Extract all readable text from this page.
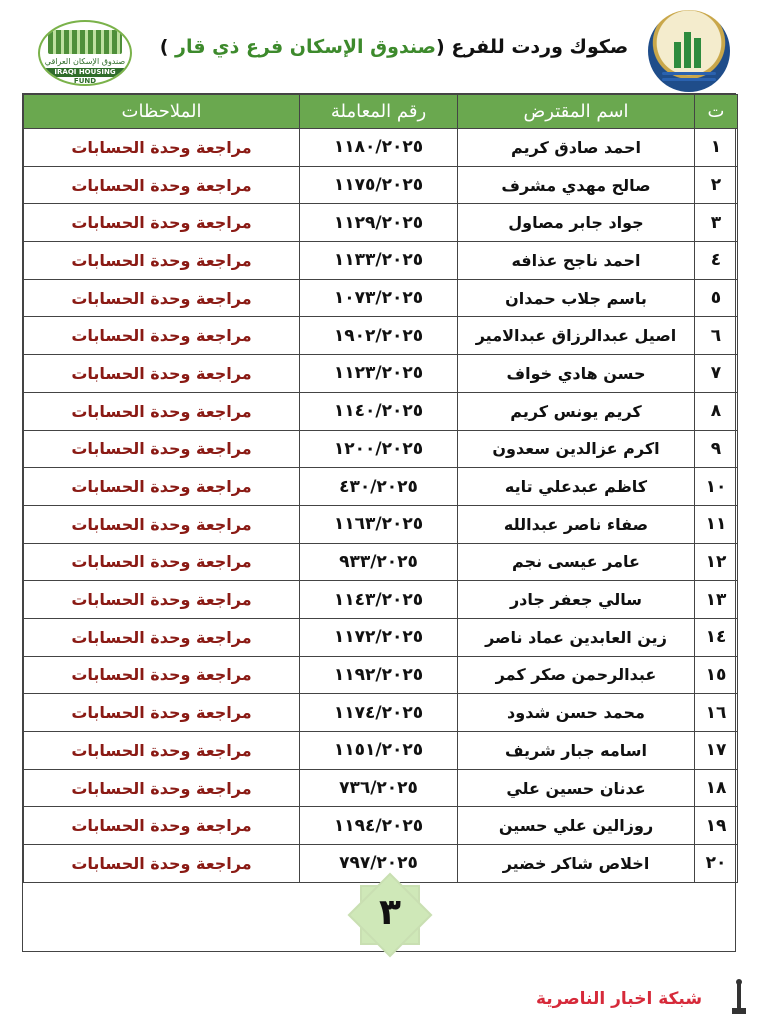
صكوك وردت للفرع (صندوق الإسكان فرع ذي قار )
صندوق الإسكان العراقي
IRAQI HOUSING
FUND
ت	اسم المقترض	رقم المعاملة	الملاحظات
١	احمد صادق كريم	١١٨٠/٢٠٢٥	مراجعة وحدة الحسابات
٢	صالح مهدي مشرف	١١٧٥/٢٠٢٥	مراجعة وحدة الحسابات
٣	جواد جابر مصاول	١١٢٩/٢٠٢٥	مراجعة وحدة الحسابات
٤	احمد ناجح عذافه	١١٣٣/٢٠٢٥	مراجعة وحدة الحسابات
٥	باسم جلاب حمدان	١٠٧٣/٢٠٢٥	مراجعة وحدة الحسابات
٦	اصيل عبدالرزاق عبدالامير	١٩٠٢/٢٠٢٥	مراجعة وحدة الحسابات
٧	حسن هادي خواف	١١٢٣/٢٠٢٥	مراجعة وحدة الحسابات
٨	كريم يونس كريم	١١٤٠/٢٠٢٥	مراجعة وحدة الحسابات
٩	اكرم عزالدين سعدون	١٢٠٠/٢٠٢٥	مراجعة وحدة الحسابات
١٠	كاظم عبدعلي تايه	٤٣٠/٢٠٢٥	مراجعة وحدة الحسابات
١١	صفاء ناصر عبدالله	١١٦٣/٢٠٢٥	مراجعة وحدة الحسابات
١٢	عامر عيسى نجم	٩٣٣/٢٠٢٥	مراجعة وحدة الحسابات
١٣	سالي جعفر جادر	١١٤٣/٢٠٢٥	مراجعة وحدة الحسابات
١٤	زين العابدين عماد ناصر	١١٧٢/٢٠٢٥	مراجعة وحدة الحسابات
١٥	عبدالرحمن صكر كمر	١١٩٢/٢٠٢٥	مراجعة وحدة الحسابات
١٦	محمد حسن شدود	١١٧٤/٢٠٢٥	مراجعة وحدة الحسابات
١٧	اسامه جبار شريف	١١٥١/٢٠٢٥	مراجعة وحدة الحسابات
١٨	عدنان حسين علي	٧٣٦/٢٠٢٥	مراجعة وحدة الحسابات
١٩	روزالين علي حسين	١١٩٤/٢٠٢٥	مراجعة وحدة الحسابات
٢٠	اخلاص شاكر خضير	٧٩٧/٢٠٢٥	مراجعة وحدة الحسابات
٣
شبكة اخبار الناصرية
